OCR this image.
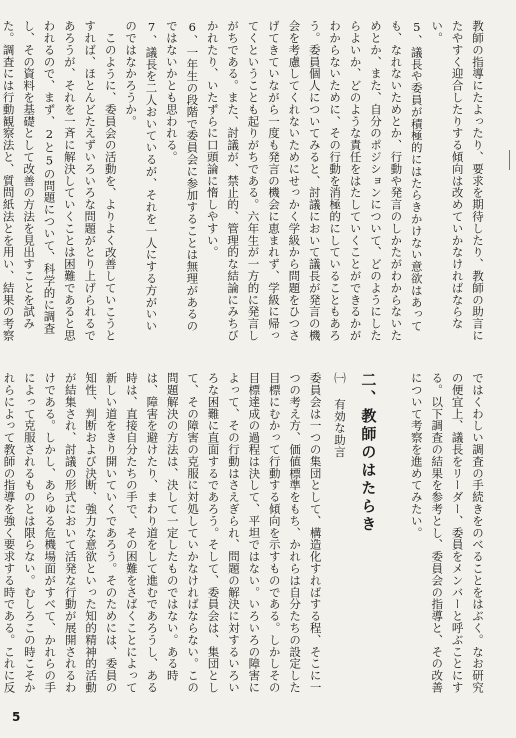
教師の指導にたよったり、要求を期待したり、教師の助言にたやすく迎合したりする傾向は改めていかなければならない。

5、議長や委員が積極的にはたらきかけない意欲はあっても、なれないためとか、行動や発言のしかたがわからないためとか、また、自分のポジションについて、どのようにしたらよいか、どのような責任をはたしていくことができるかがわからないために、その行動を消極的にしていることもあろう。委員個人についてみると、討議において議長が発言の機会を考慮してくれないためにせっかく学級から問題をひつさげてきていながら一度も発言の機会に恵まれず、学級に帰ってくということも起りがちである。六年生が一方的に発言しがちである。また、討議が、禁止的、管理的な結論にみちびかれたり、いたずらに口頭論に惰しやすい。

6、一年生の段階で委員会に参加することは無理があるのではないかとも思われる。

7、議長を二人おいているが、それを一人にする方がいいのではなかろうか。

このように、委員会の活動を、よりよく改善していこうとすれば、ほとんどたえずいろいろな問題がとり上げられるであろうが、それを一斉に解決していくことは困難であると思われるので、まず、2と5の問題について、科学的に調査し、その資料を基礎として改善の方法を見出すことを試みた。調査には行動観察法と、質問紙法とを用い、結果の考察

ではくわしい調査の手続きをのべることをはぶく。なお研究の便宜上、議長をリーダー、委員をメンバーと呼ぶことにする。以下調査の結果を参考とし、委員会の指導と、その改善について考察を進めてみたい。

二、教師のはたらき

㈠ 有効な助言

委員会は一つの集団として、構造化すればする程、そこに一つの考え方、価値標準をもち、かれらは自分たちの設定した目標にむかって行動する傾向を示すものである。しかしその目標達成の過程は決して、平坦ではない。いろいろの障害によって、その行動はさえぎられ、問題の解決に対するいろいろな困難に直面するであろう。そして、委員会は、集団として、その障害の克服に対処していかなければならない。この問題解決の方法は、決して一定したものではない。ある時は、障害を避けたり、まわり道をして進むであろうし、ある時は、直接自分たちの手で、その困難をさばくことによって新しい道をきり開いていくであろう。そのためには、委員の知性、判断および決断、強力な意欲といった知的精神的活動が結集され、討議の形式において活発な行動が展開されるわけである。しかし、あらゆる危機場面がすべて、かれらの手によって克服されるものとは限らない。むしろこの時こそかれらによって教師の指導を強く要求する時である。これに反

5
